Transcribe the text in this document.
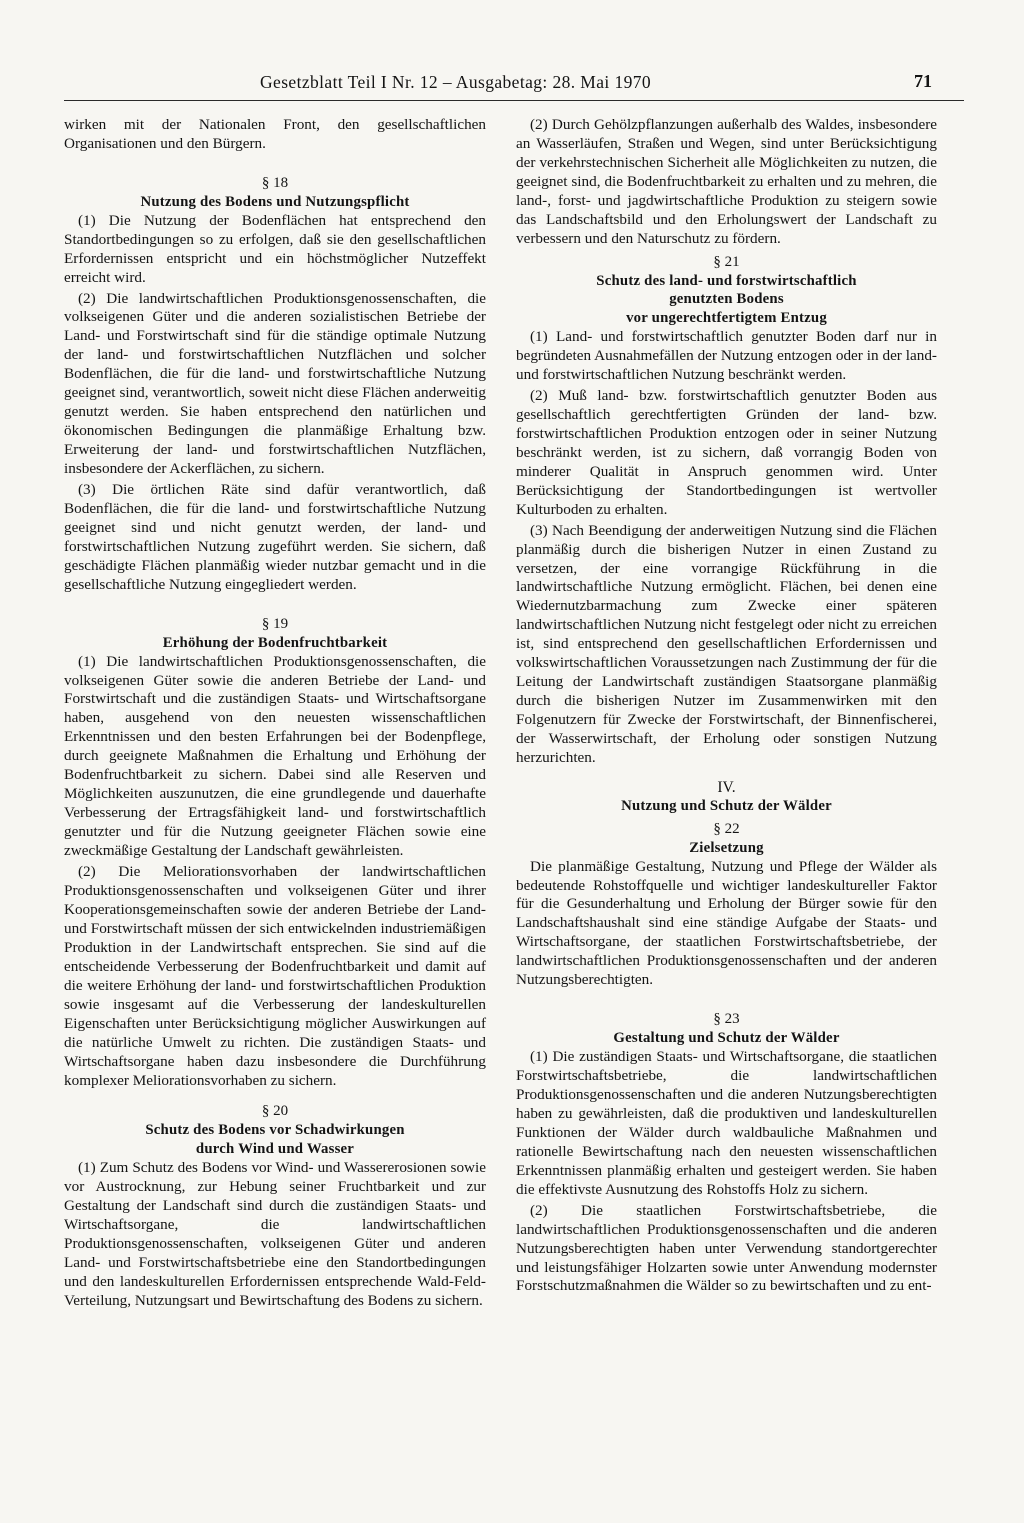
Gesetzblatt Teil I Nr. 12 – Ausgabetag: 28. Mai 1970	71

wirken mit der Nationalen Front, den gesellschaftlichen Organisationen und den Bürgern.

§ 18
Nutzung des Bodens und Nutzungspflicht

(1) Die Nutzung der Bodenflächen hat entsprechend den Standortbedingungen so zu erfolgen, daß sie den gesellschaftlichen Erfordernissen entspricht und ein höchstmöglicher Nutzeffekt erreicht wird.

(2) Die landwirtschaftlichen Produktionsgenossenschaften, die volkseigenen Güter und die anderen sozialistischen Betriebe der Land- und Forstwirtschaft sind für die ständige optimale Nutzung der land- und forstwirtschaftlichen Nutzflächen und solcher Bodenflächen, die für die land- und forstwirtschaftliche Nutzung geeignet sind, verantwortlich, soweit nicht diese Flächen anderweitig genutzt werden. Sie haben entsprechend den natürlichen und ökonomischen Bedingungen die planmäßige Erhaltung bzw. Erweiterung der land- und forstwirtschaftlichen Nutzflächen, insbesondere der Ackerflächen, zu sichern.

(3) Die örtlichen Räte sind dafür verantwortlich, daß Bodenflächen, die für die land- und forstwirtschaftliche Nutzung geeignet sind und nicht genutzt werden, der land- und forstwirtschaftlichen Nutzung zugeführt werden. Sie sichern, daß geschädigte Flächen planmäßig wieder nutzbar gemacht und in die gesellschaftliche Nutzung eingegliedert werden.

§ 19
Erhöhung der Bodenfruchtbarkeit

(1) Die landwirtschaftlichen Produktionsgenossenschaften, die volkseigenen Güter sowie die anderen Betriebe der Land- und Forstwirtschaft und die zuständigen Staats- und Wirtschaftsorgane haben, ausgehend von den neuesten wissenschaftlichen Erkenntnissen und den besten Erfahrungen bei der Bodenpflege, durch geeignete Maßnahmen die Erhaltung und Erhöhung der Bodenfruchtbarkeit zu sichern. Dabei sind alle Reserven und Möglichkeiten auszunutzen, die eine grundlegende und dauerhafte Verbesserung der Ertragsfähigkeit land- und forstwirtschaftlich genutzter und für die Nutzung geeigneter Flächen sowie eine zweckmäßige Gestaltung der Landschaft gewährleisten.

(2) Die Meliorationsvorhaben der landwirtschaftlichen Produktionsgenossenschaften und volkseigenen Güter und ihrer Kooperationsgemeinschaften sowie der anderen Betriebe der Land- und Forstwirtschaft müssen der sich entwickelnden industriemäßigen Produktion in der Landwirtschaft entsprechen. Sie sind auf die entscheidende Verbesserung der Bodenfruchtbarkeit und damit auf die weitere Erhöhung der land- und forstwirtschaftlichen Produktion sowie insgesamt auf die Verbesserung der landeskulturellen Eigenschaften unter Berücksichtigung möglicher Auswirkungen auf die natürliche Umwelt zu richten. Die zuständigen Staats- und Wirtschaftsorgane haben dazu insbesondere die Durchführung komplexer Meliorationsvorhaben zu sichern.

§ 20
Schutz des Bodens vor Schadwirkungen
durch Wind und Wasser

(1) Zum Schutz des Bodens vor Wind- und Wassererosionen sowie vor Austrocknung, zur Hebung seiner Fruchtbarkeit und zur Gestaltung der Landschaft sind durch die zuständigen Staats- und Wirtschaftsorgane, die landwirtschaftlichen Produktionsgenossenschaften, volkseigenen Güter und anderen Land- und Forstwirtschaftsbetriebe eine den Standortbedingungen und den landeskulturellen Erfordernissen entsprechende Wald-Feld-Verteilung, Nutzungsart und Bewirtschaftung des Bodens zu sichern.

(2) Durch Gehölzpflanzungen außerhalb des Waldes, insbesondere an Wasserläufen, Straßen und Wegen, sind unter Berücksichtigung der verkehrstechnischen Sicherheit alle Möglichkeiten zu nutzen, die geeignet sind, die Bodenfruchtbarkeit zu erhalten und zu mehren, die land-, forst- und jagdwirtschaftliche Produktion zu steigern sowie das Landschaftsbild und den Erholungswert der Landschaft zu verbessern und den Naturschutz zu fördern.

§ 21
Schutz des land- und forstwirtschaftlich
genutzten Bodens
vor ungerechtfertigtem Entzug

(1) Land- und forstwirtschaftlich genutzter Boden darf nur in begründeten Ausnahmefällen der Nutzung entzogen oder in der land- und forstwirtschaftlichen Nutzung beschränkt werden.

(2) Muß land- bzw. forstwirtschaftlich genutzter Boden aus gesellschaftlich gerechtfertigten Gründen der land- bzw. forstwirtschaftlichen Produktion entzogen oder in seiner Nutzung beschränkt werden, ist zu sichern, daß vorrangig Boden von minderer Qualität in Anspruch genommen wird. Unter Berücksichtigung der Standortbedingungen ist wertvoller Kulturboden zu erhalten.

(3) Nach Beendigung der anderweitigen Nutzung sind die Flächen planmäßig durch die bisherigen Nutzer in einen Zustand zu versetzen, der eine vorrangige Rückführung in die landwirtschaftliche Nutzung ermöglicht. Flächen, bei denen eine Wiedernutzbarmachung zum Zwecke einer späteren landwirtschaftlichen Nutzung nicht festgelegt oder nicht zu erreichen ist, sind entsprechend den gesellschaftlichen Erfordernissen und volkswirtschaftlichen Voraussetzungen nach Zustimmung der für die Leitung der Landwirtschaft zuständigen Staatsorgane planmäßig durch die bisherigen Nutzer im Zusammenwirken mit den Folgenutzern für Zwecke der Forstwirtschaft, der Binnenfischerei, der Wasserwirtschaft, der Erholung oder sonstigen Nutzung herzurichten.

IV.
Nutzung und Schutz der Wälder
§ 22
Zielsetzung

Die planmäßige Gestaltung, Nutzung und Pflege der Wälder als bedeutende Rohstoffquelle und wichtiger landeskultureller Faktor für die Gesunderhaltung und Erholung der Bürger sowie für den Landschaftshaushalt sind eine ständige Aufgabe der Staats- und Wirtschaftsorgane, der staatlichen Forstwirtschaftsbetriebe, der landwirtschaftlichen Produktionsgenossenschaften und der anderen Nutzungsberechtigten.

§ 23
Gestaltung und Schutz der Wälder

(1) Die zuständigen Staats- und Wirtschaftsorgane, die staatlichen Forstwirtschaftsbetriebe, die landwirtschaftlichen Produktionsgenossenschaften und die anderen Nutzungsberechtigten haben zu gewährleisten, daß die produktiven und landeskulturellen Funktionen der Wälder durch waldbauliche Maßnahmen und rationelle Bewirtschaftung nach den neuesten wissenschaftlichen Erkenntnissen planmäßig erhalten und gesteigert werden. Sie haben die effektivste Ausnutzung des Rohstoffs Holz zu sichern.

(2) Die staatlichen Forstwirtschaftsbetriebe, die landwirtschaftlichen Produktionsgenossenschaften und die anderen Nutzungsberechtigten haben unter Verwendung standortgerechter und leistungsfähiger Holzarten sowie unter Anwendung modernster Forstschutzmaßnahmen die Wälder so zu bewirtschaften und zu ent-
